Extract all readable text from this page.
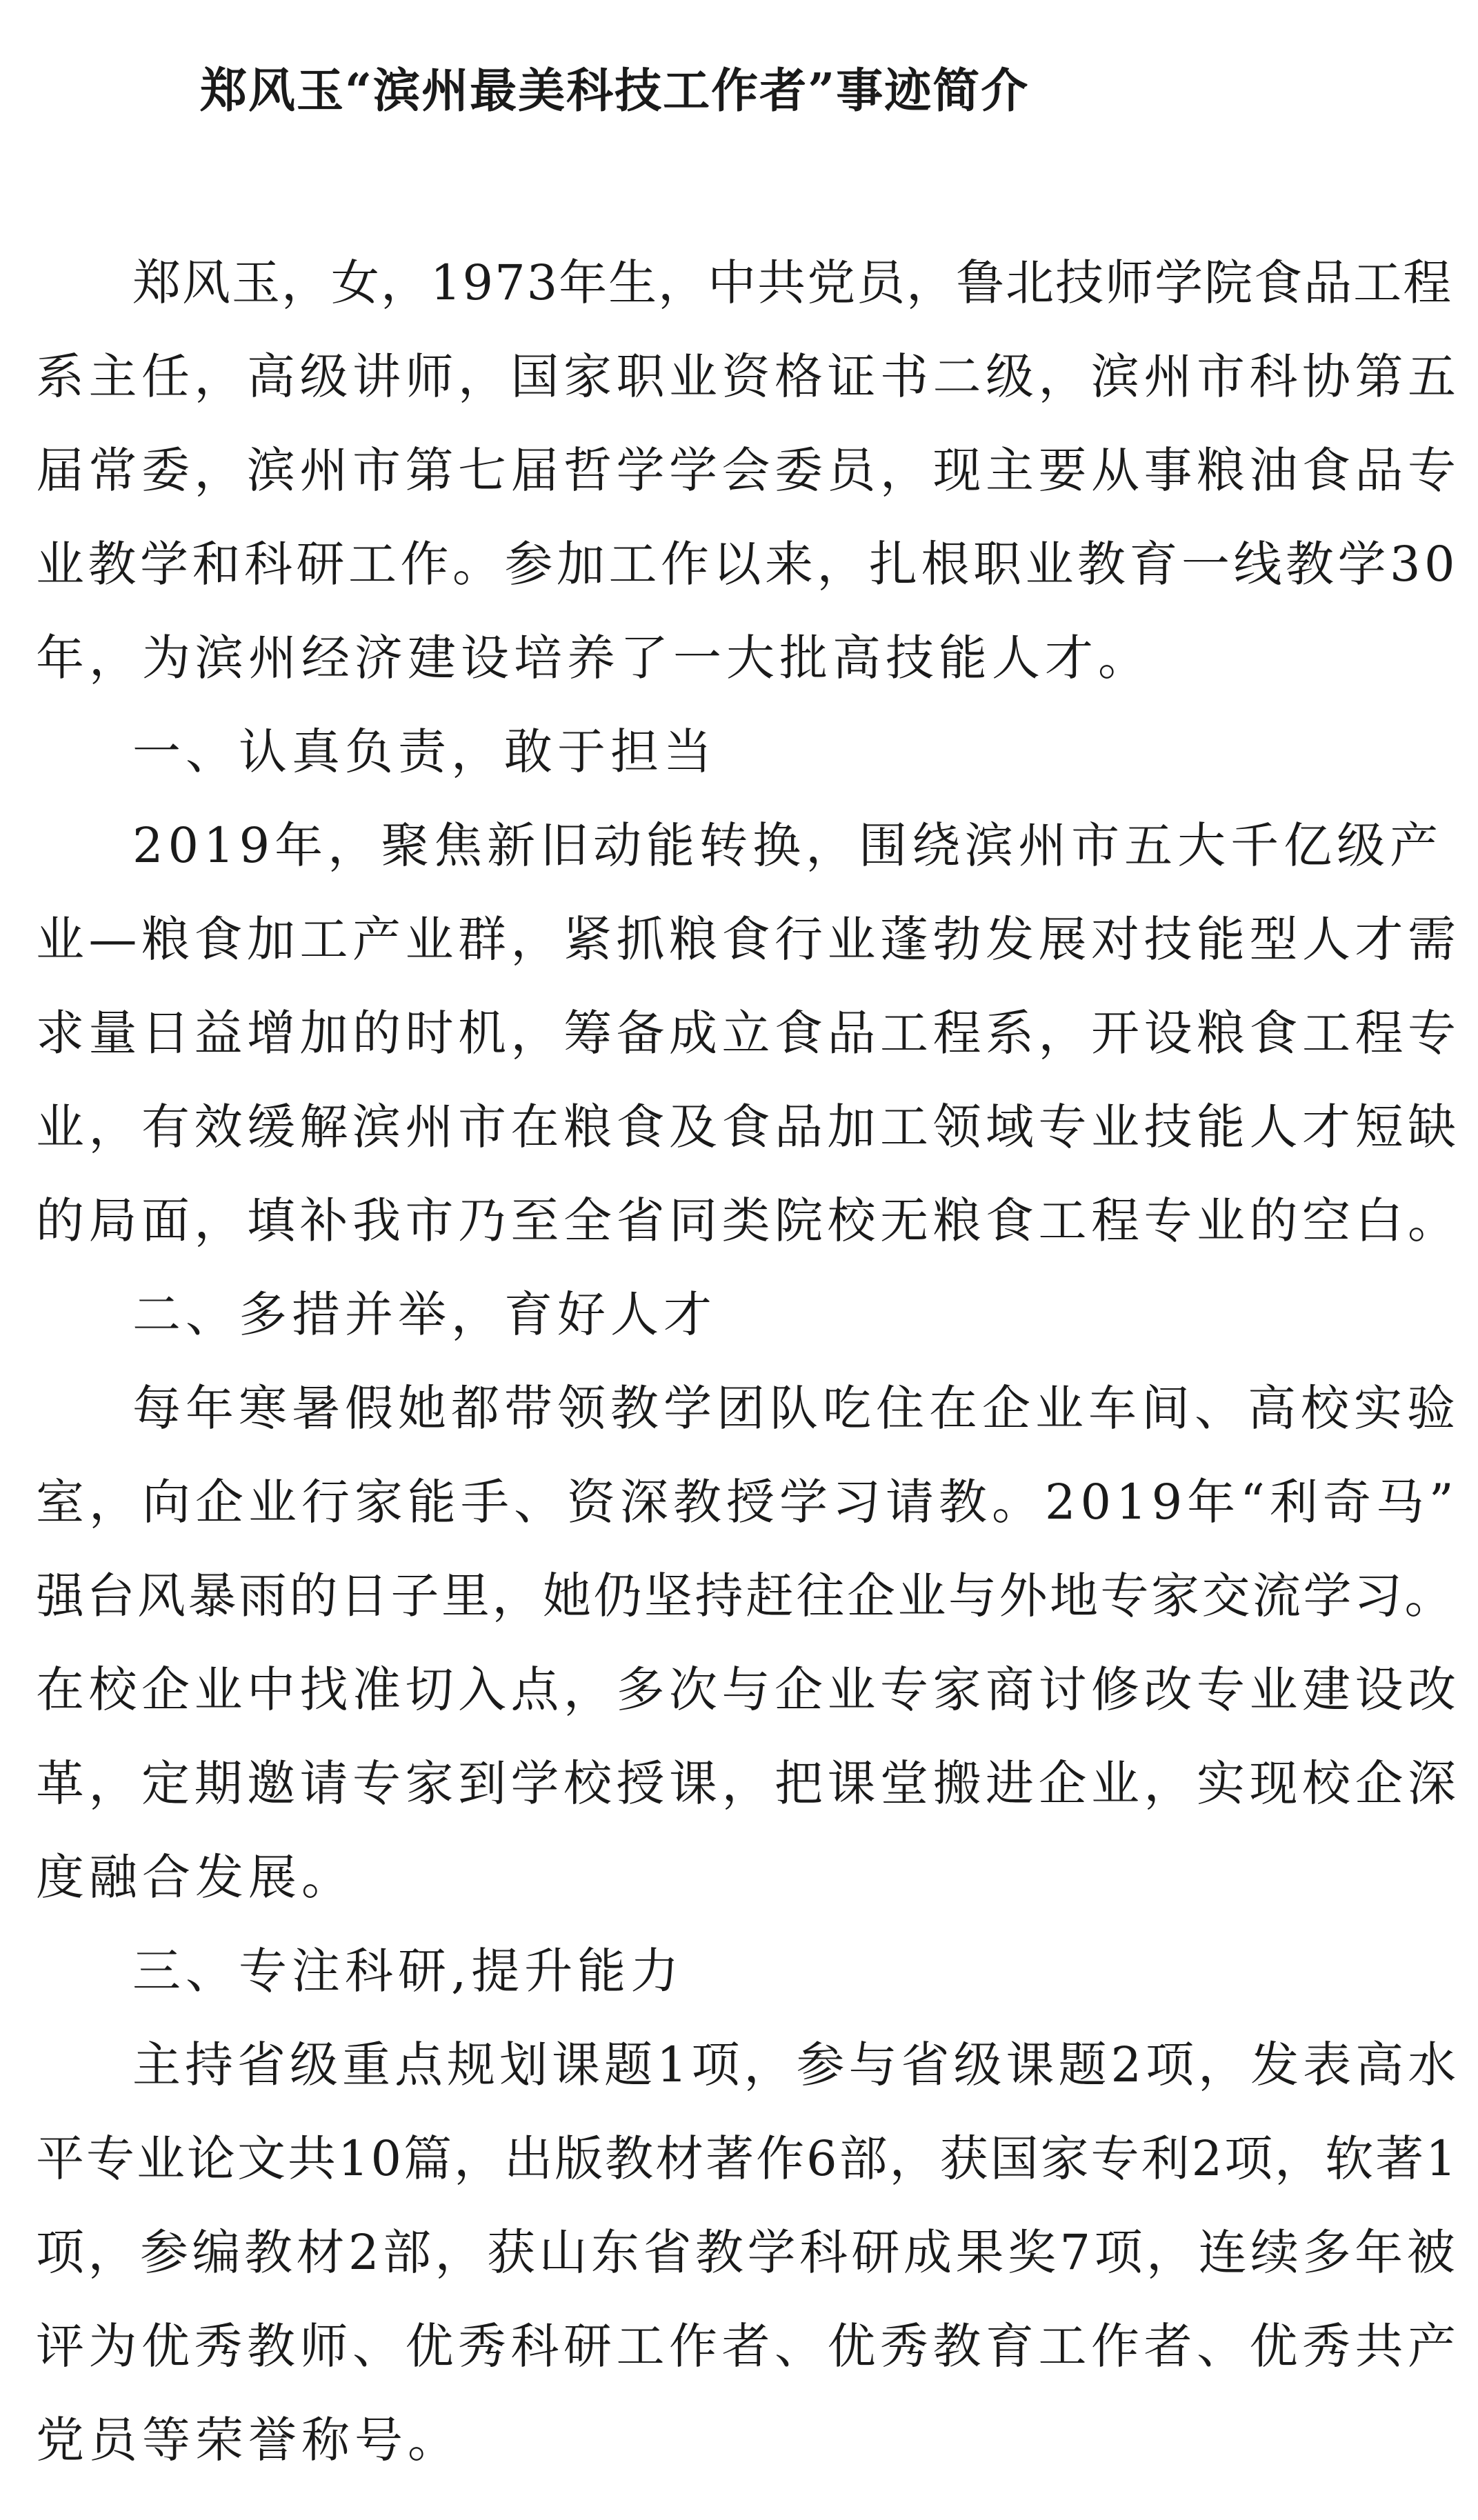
郑风玉“滨州最美科技工作者”事迹简介
郑风玉，女，1973年生，中共党员，鲁北技师学院食品工程
系主任，高级讲师，国家职业资格证书二级，滨州市科协第五
届常委，滨州市第七届哲学学会委员，现主要从事粮油食品专
业教学和科研工作。参加工作以来，扎根职业教育一线教学30
年，为滨州经济建设培养了一大批高技能人才。
一、认真负责，敢于担当
2019年，聚焦新旧动能转换，围绕滨州市五大千亿级产
业—粮食加工产业群，紧抓粮食行业蓬勃发展对技能型人才需
求量日益增加的时机，筹备成立食品工程系，开设粮食工程专
业，有效缓解滨州市在粮食及食品加工领域专业技能人才短缺
的局面，填补我市乃至全省同类院校无粮食工程专业的空白。
二、多措并举，育好人才
每年寒暑假她都带领教学团队吃住在企业车间、高校实验
室，向企业行家能手、资深教授学习请教。2019年“利奇马”
强台风暴雨的日子里，她仍坚持赶往企业与外地专家交流学习。
在校企业中找准切入点，多次与企业专家商讨修改专业建设改
革，定期邀请专家到学校授课，把课堂搬进企业，实现校企深
度融合发展。
三、专注科研,提升能力
主持省级重点规划课题1项，参与省级课题2项，发表高水
平专业论文共10篇，出版教材著作6部，获国家专利2项，软著1
项，参编教材2部，获山东省教学科研成果奖7项，连续多年被
评为优秀教师、优秀科研工作者、优秀教育工作者、优秀共产
党员等荣誉称号。
